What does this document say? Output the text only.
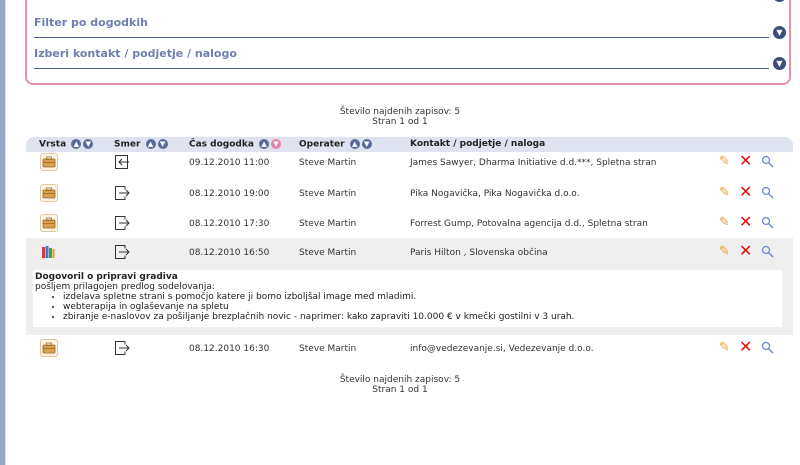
Filter po dogodkih
▼
Izberi kontakt / podjetje / nalogo
▼
Število najdenih zapisov: 5
Stran 1 od 1
Vrsta ▲ ▼	Smer ▲ ▼	Čas dogodka ▲ ▼ Operater ▲ ▼	Kontakt / podjetje / naloga
09.12.2010 11:00	Steve Martin	James Sawyer, Dharma Initiative d.d.***, Spletna stran	✎ ✕
08.12.2010 19:00	Steve Martin	Pika Nogavička, Pika Nogavička d.o.o.	✎ ✕
08.12.2010 17:30	Steve Martin	Forrest Gump, Potovalna agencija d.d., Spletna stran	✎ ✕
08.12.2010 16:50	Steve Martin	Paris Hilton , Slovenska občina	✎ ✕
Dogovoril o pripravi gradiva
pošljem prilagojen predlog sodelovanja:
• izdelava spletne strani s pomočjo katere ji bomo izboljšal image med mladimi.
• webterapija in oglaševanje na spletu
• zbiranje e-naslovov za pošiljanje brezplačnih novic - naprimer: kako zapraviti 10.000 € v kmečki gostilni v 3 urah.
08.12.2010 16:30	Steve Martin	info@vedezevanje.si, Vedezevanje d.o.o.	✎ ✕
Število najdenih zapisov: 5
Stran 1 od 1
